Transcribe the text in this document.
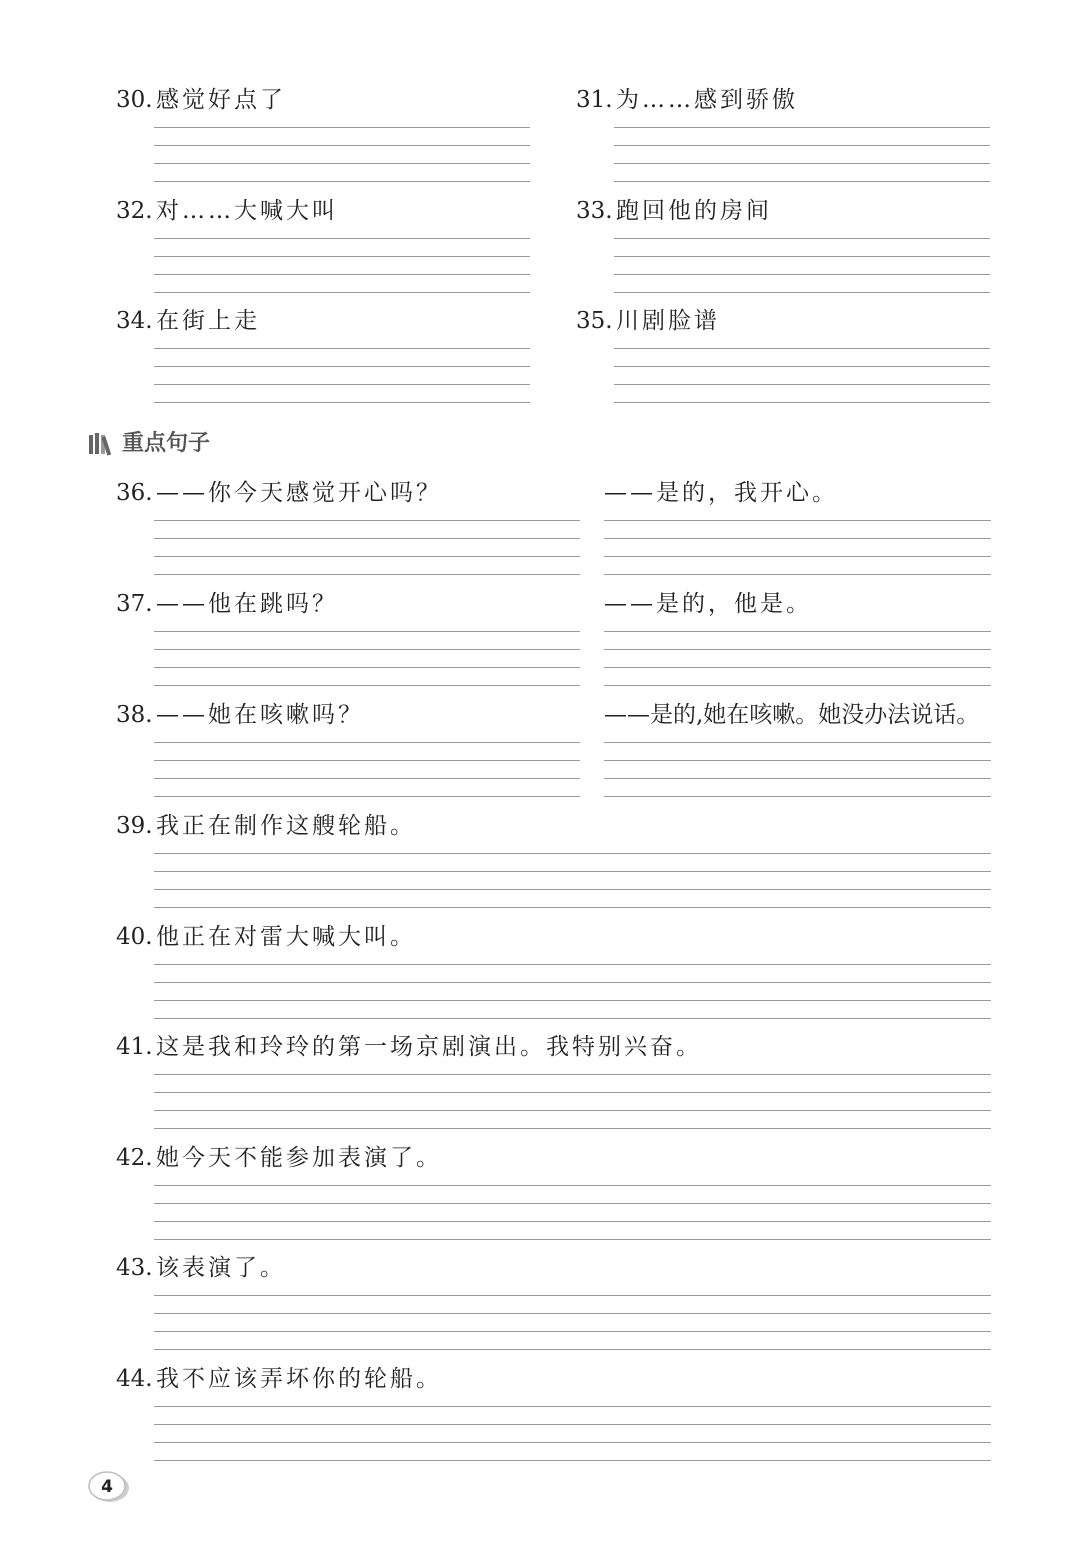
30. 感觉好点了	31. 为……感到骄傲
32. 对……大喊大叫	33. 跑回他的房间
34. 在街上走	35. 川剧脸谱
重点句子
36. ——你今天感觉开心吗？	——是的，我开心。
37. ——他在跳吗？	——是的，他是。
38. ——她在咳嗽吗？	——是的,她在咳嗽。她没办法说话。
39. 我正在制作这艘轮船。
40. 他正在对雷大喊大叫。
41. 这是我和玲玲的第一场京剧演出。我特别兴奋。
42. 她今天不能参加表演了。
43. 该表演了。
44. 我不应该弄坏你的轮船。
4
